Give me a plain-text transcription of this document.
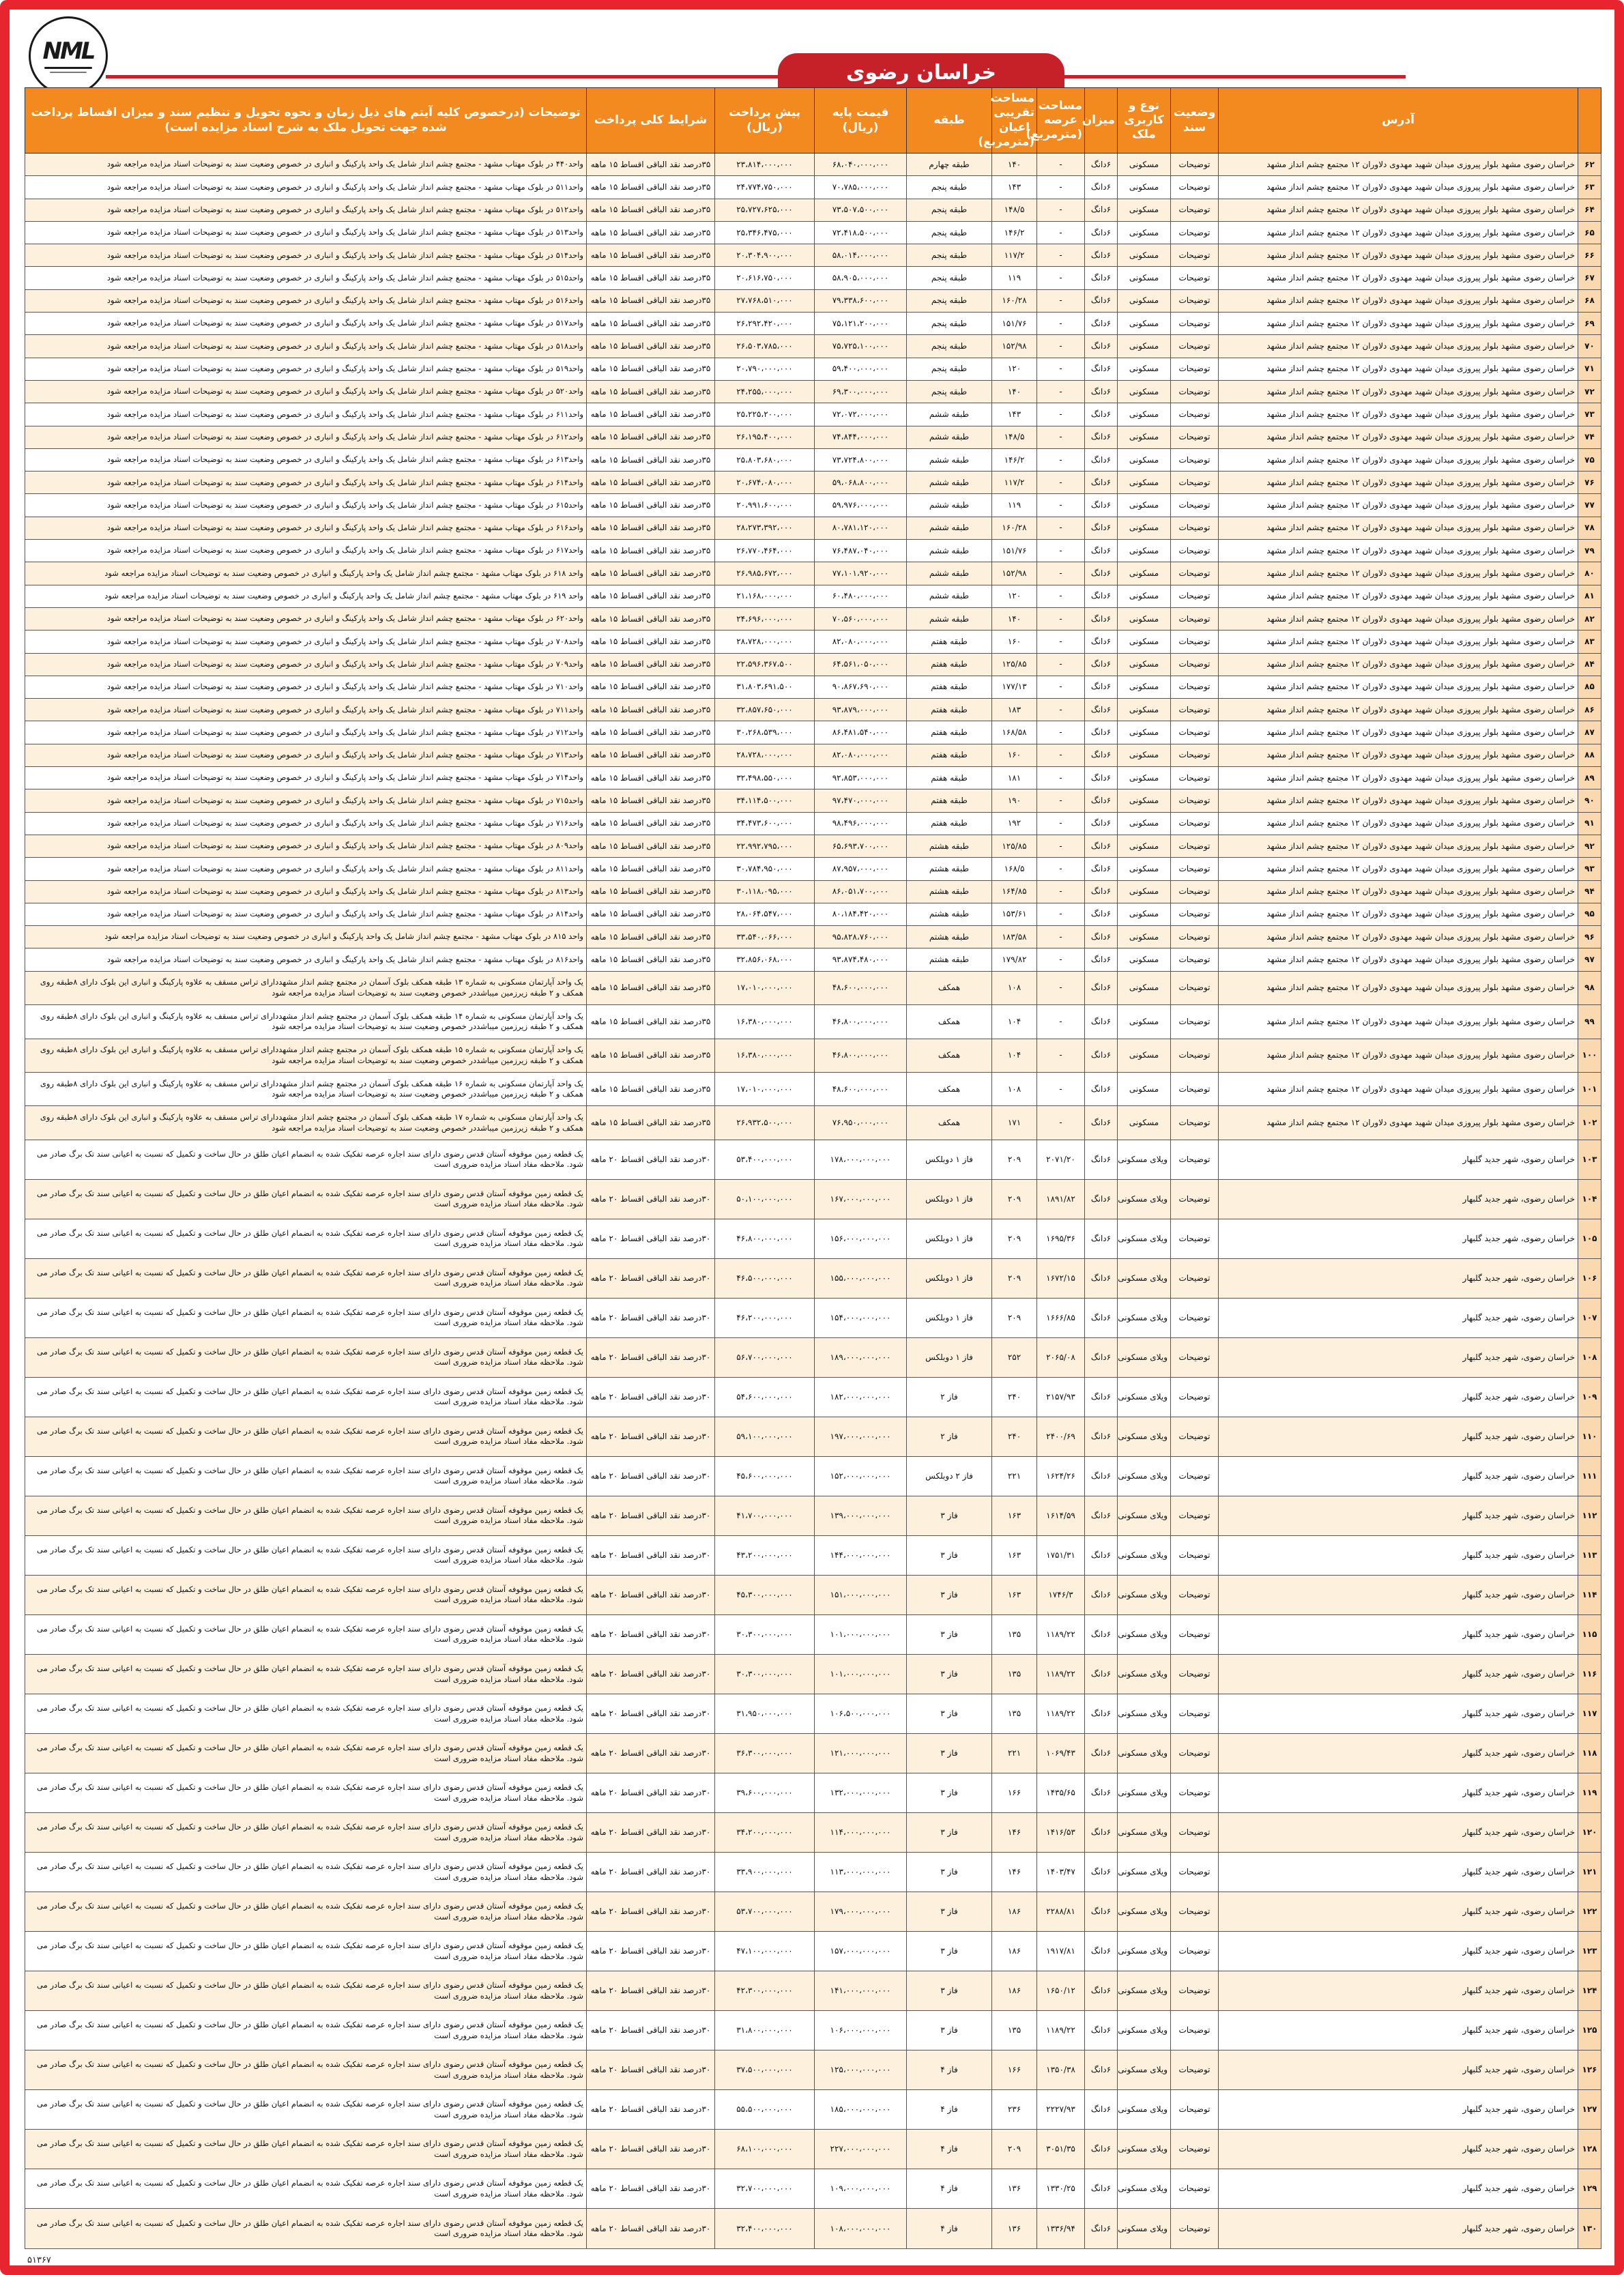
NML
خراسان رضوی
	آدرس	وضعیت سند	نوع و کاربری ملک	میزان	مساحت عرصه (مترمربع)	مساحت تقریبی اعیان (مترمربع)	طبقه	قیمت پایه (ریال)	پیش پرداخت (ریال)	شرایط کلی پرداخت	توضیحات (درخصوص کلیه آیتم های ذیل زمان و نحوه تحویل و تنظیم سند و میزان اقساط پرداخت شده جهت تحویل ملک به شرح اسناد مزایده است)
۶۲	خراسان رضوی مشهد بلوار پیروزی میدان شهید مهدوی دلاوران ۱۲ مجتمع چشم انداز مشهد	توضیحات	مسکونی	۶دانگ	-	۱۴۰	طبقه چهارم	۶۸،۰۴۰،۰۰۰،۰۰۰	۲۳،۸۱۴،۰۰۰،۰۰۰	۳۵درصد نقد الباقی اقساط ۱۵ ماهه	واحد۴۴۰ در بلوک مهتاب مشهد - مجتمع چشم انداز شامل یک واحد پارکینگ و انباری در خصوص وضعیت سند به توضیحات اسناد مزایده مراجعه شود
۶۳	خراسان رضوی مشهد بلوار پیروزی میدان شهید مهدوی دلاوران ۱۲ مجتمع چشم انداز مشهد	توضیحات	مسکونی	۶دانگ	-	۱۴۳	طبقه پنجم	۷۰،۷۸۵،۰۰۰،۰۰۰	۲۴،۷۷۴،۷۵۰،۰۰۰	۳۵درصد نقد الباقی اقساط ۱۵ ماهه	واحد۵۱۱ در بلوک مهتاب مشهد - مجتمع چشم انداز شامل یک واحد پارکینگ و انباری در خصوص وضعیت سند به توضیحات اسناد مزایده مراجعه شود
۶۴	خراسان رضوی مشهد بلوار پیروزی میدان شهید مهدوی دلاوران ۱۲ مجتمع چشم انداز مشهد	توضیحات	مسکونی	۶دانگ	-	۱۴۸/۵	طبقه پنجم	۷۳،۵۰۷،۵۰۰،۰۰۰	۲۵،۷۲۷،۶۲۵،۰۰۰	۳۵درصد نقد الباقی اقساط ۱۵ ماهه	واحد۵۱۲ در بلوک مهتاب مشهد - مجتمع چشم انداز شامل یک واحد پارکینگ و انباری در خصوص وضعیت سند به توضیحات اسناد مزایده مراجعه شود
۶۵	خراسان رضوی مشهد بلوار پیروزی میدان شهید مهدوی دلاوران ۱۲ مجتمع چشم انداز مشهد	توضیحات	مسکونی	۶دانگ	-	۱۴۶/۲	طبقه پنجم	۷۲،۴۱۸،۵۰۰،۰۰۰	۲۵،۳۴۶،۴۷۵،۰۰۰	۳۵درصد نقد الباقی اقساط ۱۵ ماهه	واحد۵۱۳ در بلوک مهتاب مشهد - مجتمع چشم انداز شامل یک واحد پارکینگ و انباری در خصوص وضعیت سند به توضیحات اسناد مزایده مراجعه شود
۶۶	خراسان رضوی مشهد بلوار پیروزی میدان شهید مهدوی دلاوران ۱۲ مجتمع چشم انداز مشهد	توضیحات	مسکونی	۶دانگ	-	۱۱۷/۲	طبقه پنجم	۵۸،۰۱۴،۰۰۰،۰۰۰	۲۰،۳۰۴،۹۰۰،۰۰۰	۳۵درصد نقد الباقی اقساط ۱۵ ماهه	واحد۵۱۴ در بلوک مهتاب مشهد - مجتمع چشم انداز شامل یک واحد پارکینگ و انباری در خصوص وضعیت سند به توضیحات اسناد مزایده مراجعه شود
۶۷	خراسان رضوی مشهد بلوار پیروزی میدان شهید مهدوی دلاوران ۱۲ مجتمع چشم انداز مشهد	توضیحات	مسکونی	۶دانگ	-	۱۱۹	طبقه پنجم	۵۸،۹۰۵،۰۰۰،۰۰۰	۲۰،۶۱۶،۷۵۰،۰۰۰	۳۵درصد نقد الباقی اقساط ۱۵ ماهه	واحد۵۱۵ در بلوک مهتاب مشهد - مجتمع چشم انداز شامل یک واحد پارکینگ و انباری در خصوص وضعیت سند به توضیحات اسناد مزایده مراجعه شود
۶۸	خراسان رضوی مشهد بلوار پیروزی میدان شهید مهدوی دلاوران ۱۲ مجتمع چشم انداز مشهد	توضیحات	مسکونی	۶دانگ	-	۱۶۰/۲۸	طبقه پنجم	۷۹،۳۳۸،۶۰۰،۰۰۰	۲۷،۷۶۸،۵۱۰،۰۰۰	۳۵درصد نقد الباقی اقساط ۱۵ ماهه	واحد۵۱۶ در بلوک مهتاب مشهد - مجتمع چشم انداز شامل یک واحد پارکینگ و انباری در خصوص وضعیت سند به توضیحات اسناد مزایده مراجعه شود
۶۹	خراسان رضوی مشهد بلوار پیروزی میدان شهید مهدوی دلاوران ۱۲ مجتمع چشم انداز مشهد	توضیحات	مسکونی	۶دانگ	-	۱۵۱/۷۶	طبقه پنجم	۷۵،۱۲۱،۲۰۰،۰۰۰	۲۶،۲۹۲،۴۲۰،۰۰۰	۳۵درصد نقد الباقی اقساط ۱۵ ماهه	واحد۵۱۷ در بلوک مهتاب مشهد - مجتمع چشم انداز شامل یک واحد پارکینگ و انباری در خصوص وضعیت سند به توضیحات اسناد مزایده مراجعه شود
۷۰	خراسان رضوی مشهد بلوار پیروزی میدان شهید مهدوی دلاوران ۱۲ مجتمع چشم انداز مشهد	توضیحات	مسکونی	۶دانگ	-	۱۵۲/۹۸	طبقه پنجم	۷۵،۷۲۵،۱۰۰،۰۰۰	۲۶،۵۰۳،۷۸۵،۰۰۰	۳۵درصد نقد الباقی اقساط ۱۵ ماهه	واحد۵۱۸ در بلوک مهتاب مشهد - مجتمع چشم انداز شامل یک واحد پارکینگ و انباری در خصوص وضعیت سند به توضیحات اسناد مزایده مراجعه شود
۷۱	خراسان رضوی مشهد بلوار پیروزی میدان شهید مهدوی دلاوران ۱۲ مجتمع چشم انداز مشهد	توضیحات	مسکونی	۶دانگ	-	۱۲۰	طبقه پنجم	۵۹،۴۰۰،۰۰۰،۰۰۰	۲۰،۷۹۰،۰۰۰،۰۰۰	۳۵درصد نقد الباقی اقساط ۱۵ ماهه	واحد۵۱۹ در بلوک مهتاب مشهد - مجتمع چشم انداز شامل یک واحد پارکینگ و انباری در خصوص وضعیت سند به توضیحات اسناد مزایده مراجعه شود
۷۲	خراسان رضوی مشهد بلوار پیروزی میدان شهید مهدوی دلاوران ۱۲ مجتمع چشم انداز مشهد	توضیحات	مسکونی	۶دانگ	-	۱۴۰	طبقه پنجم	۶۹،۳۰۰،۰۰۰،۰۰۰	۲۴،۲۵۵،۰۰۰،۰۰۰	۳۵درصد نقد الباقی اقساط ۱۵ ماهه	واحد۵۲۰ در بلوک مهتاب مشهد - مجتمع چشم انداز شامل یک واحد پارکینگ و انباری در خصوص وضعیت سند به توضیحات اسناد مزایده مراجعه شود
۷۳	خراسان رضوی مشهد بلوار پیروزی میدان شهید مهدوی دلاوران ۱۲ مجتمع چشم انداز مشهد	توضیحات	مسکونی	۶دانگ	-	۱۴۳	طبقه ششم	۷۲،۰۷۲،۰۰۰،۰۰۰	۲۵،۲۲۵،۲۰۰،۰۰۰	۳۵درصد نقد الباقی اقساط ۱۵ ماهه	واحد۶۱۱ در بلوک مهتاب مشهد - مجتمع چشم انداز شامل یک واحد پارکینگ و انباری در خصوص وضعیت سند به توضیحات اسناد مزایده مراجعه شود
۷۴	خراسان رضوی مشهد بلوار پیروزی میدان شهید مهدوی دلاوران ۱۲ مجتمع چشم انداز مشهد	توضیحات	مسکونی	۶دانگ	-	۱۴۸/۵	طبقه ششم	۷۴،۸۴۴،۰۰۰،۰۰۰	۲۶،۱۹۵،۴۰۰،۰۰۰	۳۵درصد نقد الباقی اقساط ۱۵ ماهه	واحد۶۱۲ در بلوک مهتاب مشهد - مجتمع چشم انداز شامل یک واحد پارکینگ و انباری در خصوص وضعیت سند به توضیحات اسناد مزایده مراجعه شود
۷۵	خراسان رضوی مشهد بلوار پیروزی میدان شهید مهدوی دلاوران ۱۲ مجتمع چشم انداز مشهد	توضیحات	مسکونی	۶دانگ	-	۱۴۶/۲	طبقه ششم	۷۳،۷۲۴،۸۰۰،۰۰۰	۲۵،۸۰۳،۶۸۰،۰۰۰	۳۵درصد نقد الباقی اقساط ۱۵ ماهه	واحد۶۱۳ در بلوک مهتاب مشهد - مجتمع چشم انداز شامل یک واحد پارکینگ و انباری در خصوص وضعیت سند به توضیحات اسناد مزایده مراجعه شود
۷۶	خراسان رضوی مشهد بلوار پیروزی میدان شهید مهدوی دلاوران ۱۲ مجتمع چشم انداز مشهد	توضیحات	مسکونی	۶دانگ	-	۱۱۷/۲	طبقه ششم	۵۹،۰۶۸،۸۰۰،۰۰۰	۲۰،۶۷۴،۰۸۰،۰۰۰	۳۵درصد نقد الباقی اقساط ۱۵ ماهه	واحد۶۱۴ در بلوک مهتاب مشهد - مجتمع چشم انداز شامل یک واحد پارکینگ و انباری در خصوص وضعیت سند به توضیحات اسناد مزایده مراجعه شود
۷۷	خراسان رضوی مشهد بلوار پیروزی میدان شهید مهدوی دلاوران ۱۲ مجتمع چشم انداز مشهد	توضیحات	مسکونی	۶دانگ	-	۱۱۹	طبقه ششم	۵۹،۹۷۶،۰۰۰،۰۰۰	۲۰،۹۹۱،۶۰۰،۰۰۰	۳۵درصد نقد الباقی اقساط ۱۵ ماهه	واحد۶۱۵ در بلوک مهتاب مشهد - مجتمع چشم انداز شامل یک واحد پارکینگ و انباری در خصوص وضعیت سند به توضیحات اسناد مزایده مراجعه شود
۷۸	خراسان رضوی مشهد بلوار پیروزی میدان شهید مهدوی دلاوران ۱۲ مجتمع چشم انداز مشهد	توضیحات	مسکونی	۶دانگ	-	۱۶۰/۲۸	طبقه ششم	۸۰،۷۸۱،۱۲۰،۰۰۰	۲۸،۲۷۳،۳۹۲،۰۰۰	۳۵درصد نقد الباقی اقساط ۱۵ ماهه	واحد۶۱۶ در بلوک مهتاب مشهد - مجتمع چشم انداز شامل یک واحد پارکینگ و انباری در خصوص وضعیت سند به توضیحات اسناد مزایده مراجعه شود
۷۹	خراسان رضوی مشهد بلوار پیروزی میدان شهید مهدوی دلاوران ۱۲ مجتمع چشم انداز مشهد	توضیحات	مسکونی	۶دانگ	-	۱۵۱/۷۶	طبقه ششم	۷۶،۴۸۷،۰۴۰،۰۰۰	۲۶،۷۷۰،۴۶۴،۰۰۰	۳۵درصد نقد الباقی اقساط ۱۵ ماهه	واحد۶۱۷ در بلوک مهتاب مشهد - مجتمع چشم انداز شامل یک واحد پارکینگ و انباری در خصوص وضعیت سند به توضیحات اسناد مزایده مراجعه شود
۸۰	خراسان رضوی مشهد بلوار پیروزی میدان شهید مهدوی دلاوران ۱۲ مجتمع چشم انداز مشهد	توضیحات	مسکونی	۶دانگ	-	۱۵۲/۹۸	طبقه ششم	۷۷،۱۰۱،۹۲۰،۰۰۰	۲۶،۹۸۵،۶۷۲،۰۰۰	۳۵درصد نقد الباقی اقساط ۱۵ ماهه	واحد ۶۱۸ در بلوک مهتاب مشهد - مجتمع چشم انداز شامل یک واحد پارکینگ و انباری در خصوص وضعیت سند به توضیحات اسناد مزایده مراجعه شود
۸۱	خراسان رضوی مشهد بلوار پیروزی میدان شهید مهدوی دلاوران ۱۲ مجتمع چشم انداز مشهد	توضیحات	مسکونی	۶دانگ	-	۱۲۰	طبقه ششم	۶۰،۴۸۰،۰۰۰،۰۰۰	۲۱،۱۶۸،۰۰۰،۰۰۰	۳۵درصد نقد الباقی اقساط ۱۵ ماهه	واحد ۶۱۹ در بلوک مهتاب مشهد - مجتمع چشم انداز شامل یک واحد پارکینگ و انباری در خصوص وضعیت سند به توضیحات اسناد مزایده مراجعه شود
۸۲	خراسان رضوی مشهد بلوار پیروزی میدان شهید مهدوی دلاوران ۱۲ مجتمع چشم انداز مشهد	توضیحات	مسکونی	۶دانگ	-	۱۴۰	طبقه ششم	۷۰،۵۶۰،۰۰۰،۰۰۰	۲۴،۶۹۶،۰۰۰،۰۰۰	۳۵درصد نقد الباقی اقساط ۱۵ ماهه	واحد۶۲۰ در بلوک مهتاب مشهد - مجتمع چشم انداز شامل یک واحد پارکینگ و انباری در خصوص وضعیت سند به توضیحات اسناد مزایده مراجعه شود
۸۳	خراسان رضوی مشهد بلوار پیروزی میدان شهید مهدوی دلاوران ۱۲ مجتمع چشم انداز مشهد	توضیحات	مسکونی	۶دانگ	-	۱۶۰	طبقه هفتم	۸۲،۰۸۰،۰۰۰،۰۰۰	۲۸،۷۲۸،۰۰۰،۰۰۰	۳۵درصد نقد الباقی اقساط ۱۵ ماهه	واحد۷۰۸ در بلوک مهتاب مشهد - مجتمع چشم انداز شامل یک واحد پارکینگ و انباری در خصوص وضعیت سند به توضیحات اسناد مزایده مراجعه شود
۸۴	خراسان رضوی مشهد بلوار پیروزی میدان شهید مهدوی دلاوران ۱۲ مجتمع چشم انداز مشهد	توضیحات	مسکونی	۶دانگ	-	۱۲۵/۸۵	طبقه هفتم	۶۴،۵۶۱،۰۵۰،۰۰۰	۲۲،۵۹۶،۳۶۷،۵۰۰	۳۵درصد نقد الباقی اقساط ۱۵ ماهه	واحد۷۰۹ در بلوک مهتاب مشهد - مجتمع چشم انداز شامل یک واحد پارکینگ و انباری در خصوص وضعیت سند به توضیحات اسناد مزایده مراجعه شود
۸۵	خراسان رضوی مشهد بلوار پیروزی میدان شهید مهدوی دلاوران ۱۲ مجتمع چشم انداز مشهد	توضیحات	مسکونی	۶دانگ	-	۱۷۷/۱۳	طبقه هفتم	۹۰،۸۶۷،۶۹۰،۰۰۰	۳۱،۸۰۳،۶۹۱،۵۰۰	۳۵درصد نقد الباقی اقساط ۱۵ ماهه	واحد۷۱۰ در بلوک مهتاب مشهد - مجتمع چشم انداز شامل یک واحد پارکینگ و انباری در خصوص وضعیت سند به توضیحات اسناد مزایده مراجعه شود
۸۶	خراسان رضوی مشهد بلوار پیروزی میدان شهید مهدوی دلاوران ۱۲ مجتمع چشم انداز مشهد	توضیحات	مسکونی	۶دانگ	-	۱۸۳	طبقه هفتم	۹۳،۸۷۹،۰۰۰،۰۰۰	۳۲،۸۵۷،۶۵۰،۰۰۰	۳۵درصد نقد الباقی اقساط ۱۵ ماهه	واحد۷۱۱ در بلوک مهتاب مشهد - مجتمع چشم انداز شامل یک واحد پارکینگ و انباری در خصوص وضعیت سند به توضیحات اسناد مزایده مراجعه شود
۸۷	خراسان رضوی مشهد بلوار پیروزی میدان شهید مهدوی دلاوران ۱۲ مجتمع چشم انداز مشهد	توضیحات	مسکونی	۶دانگ	-	۱۶۸/۵۸	طبقه هفتم	۸۶،۴۸۱،۵۴۰،۰۰۰	۳۰،۲۶۸،۵۳۹،۰۰۰	۳۵درصد نقد الباقی اقساط ۱۵ ماهه	واحد۷۱۲ در بلوک مهتاب مشهد - مجتمع چشم انداز شامل یک واحد پارکینگ و انباری در خصوص وضعیت سند به توضیحات اسناد مزایده مراجعه شود
۸۸	خراسان رضوی مشهد بلوار پیروزی میدان شهید مهدوی دلاوران ۱۲ مجتمع چشم انداز مشهد	توضیحات	مسکونی	۶دانگ	-	۱۶۰	طبقه هفتم	۸۲،۰۸۰،۰۰۰،۰۰۰	۲۸،۷۲۸،۰۰۰،۰۰۰	۳۵درصد نقد الباقی اقساط ۱۵ ماهه	واحد۷۱۳ در بلوک مهتاب مشهد - مجتمع چشم انداز شامل یک واحد پارکینگ و انباری در خصوص وضعیت سند به توضیحات اسناد مزایده مراجعه شود
۸۹	خراسان رضوی مشهد بلوار پیروزی میدان شهید مهدوی دلاوران ۱۲ مجتمع چشم انداز مشهد	توضیحات	مسکونی	۶دانگ	-	۱۸۱	طبقه هفتم	۹۲،۸۵۳،۰۰۰،۰۰۰	۳۲،۴۹۸،۵۵۰،۰۰۰	۳۵درصد نقد الباقی اقساط ۱۵ ماهه	واحد۷۱۴ در بلوک مهتاب مشهد - مجتمع چشم انداز شامل یک واحد پارکینگ و انباری در خصوص وضعیت سند به توضیحات اسناد مزایده مراجعه شود
۹۰	خراسان رضوی مشهد بلوار پیروزی میدان شهید مهدوی دلاوران ۱۲ مجتمع چشم انداز مشهد	توضیحات	مسکونی	۶دانگ	-	۱۹۰	طبقه هفتم	۹۷،۴۷۰،۰۰۰،۰۰۰	۳۴،۱۱۴،۵۰۰،۰۰۰	۳۵درصد نقد الباقی اقساط ۱۵ ماهه	واحد۷۱۵ در بلوک مهتاب مشهد - مجتمع چشم انداز شامل یک واحد پارکینگ و انباری در خصوص وضعیت سند به توضیحات اسناد مزایده مراجعه شود
۹۱	خراسان رضوی مشهد بلوار پیروزی میدان شهید مهدوی دلاوران ۱۲ مجتمع چشم انداز مشهد	توضیحات	مسکونی	۶دانگ	-	۱۹۲	طبقه هفتم	۹۸،۴۹۶،۰۰۰،۰۰۰	۳۴،۴۷۳،۶۰۰،۰۰۰	۳۵درصد نقد الباقی اقساط ۱۵ ماهه	واحد۷۱۶ در بلوک مهتاب مشهد - مجتمع چشم انداز شامل یک واحد پارکینگ و انباری در خصوص وضعیت سند به توضیحات اسناد مزایده مراجعه شود
۹۲	خراسان رضوی مشهد بلوار پیروزی میدان شهید مهدوی دلاوران ۱۲ مجتمع چشم انداز مشهد	توضیحات	مسکونی	۶دانگ	-	۱۲۵/۸۵	طبقه هشتم	۶۵،۶۹۳،۷۰۰،۰۰۰	۲۲،۹۹۲،۷۹۵،۰۰۰	۳۵درصد نقد الباقی اقساط ۱۵ ماهه	واحد۸۰۹ در بلوک مهتاب مشهد - مجتمع چشم انداز شامل یک واحد پارکینگ و انباری در خصوص وضعیت سند به توضیحات اسناد مزایده مراجعه شود
۹۳	خراسان رضوی مشهد بلوار پیروزی میدان شهید مهدوی دلاوران ۱۲ مجتمع چشم انداز مشهد	توضیحات	مسکونی	۶دانگ	-	۱۶۸/۵	طبقه هشتم	۸۷،۹۵۷،۰۰۰،۰۰۰	۳۰،۷۸۴،۹۵۰،۰۰۰	۳۵درصد نقد الباقی اقساط ۱۵ ماهه	واحد۸۱۱ در بلوک مهتاب مشهد - مجتمع چشم انداز شامل یک واحد پارکینگ و انباری در خصوص وضعیت سند به توضیحات اسناد مزایده مراجعه شود
۹۴	خراسان رضوی مشهد بلوار پیروزی میدان شهید مهدوی دلاوران ۱۲ مجتمع چشم انداز مشهد	توضیحات	مسکونی	۶دانگ	-	۱۶۴/۸۵	طبقه هشتم	۸۶،۰۵۱،۷۰۰،۰۰۰	۳۰،۱۱۸،۰۹۵،۰۰۰	۳۵درصد نقد الباقی اقساط ۱۵ ماهه	واحد۸۱۳ در بلوک مهتاب مشهد - مجتمع چشم انداز شامل یک واحد پارکینگ و انباری در خصوص وضعیت سند به توضیحات اسناد مزایده مراجعه شود
۹۵	خراسان رضوی مشهد بلوار پیروزی میدان شهید مهدوی دلاوران ۱۲ مجتمع چشم انداز مشهد	توضیحات	مسکونی	۶دانگ	-	۱۵۳/۶۱	طبقه هشتم	۸۰،۱۸۴،۴۲۰،۰۰۰	۲۸،۰۶۴،۵۴۷،۰۰۰	۳۵درصد نقد الباقی اقساط ۱۵ ماهه	واحد۸۱۴ در بلوک مهتاب مشهد - مجتمع چشم انداز شامل یک واحد پارکینگ و انباری در خصوص وضعیت سند به توضیحات اسناد مزایده مراجعه شود
۹۶	خراسان رضوی مشهد بلوار پیروزی میدان شهید مهدوی دلاوران ۱۲ مجتمع چشم انداز مشهد	توضیحات	مسکونی	۶دانگ	-	۱۸۳/۵۸	طبقه هشتم	۹۵،۸۲۸،۷۶۰،۰۰۰	۳۳،۵۴۰،۰۶۶،۰۰۰	۳۵درصد نقد الباقی اقساط ۱۵ ماهه	واحد ۸۱۵ در بلوک مهتاب مشهد - مجتمع چشم انداز شامل یک واحد پارکینگ و انباری در خصوص وضعیت سند به توضیحات اسناد مزایده مراجعه شود
۹۷	خراسان رضوی مشهد بلوار پیروزی میدان شهید مهدوی دلاوران ۱۲ مجتمع چشم انداز مشهد	توضیحات	مسکونی	۶دانگ	-	۱۷۹/۸۲	طبقه هشتم	۹۳،۸۷۴،۴۸۰،۰۰۰	۳۲،۸۵۶،۰۶۸،۰۰۰	۳۵درصد نقد الباقی اقساط ۱۵ ماهه	واحد۸۱۶ در بلوک مهتاب مشهد - مجتمع چشم انداز شامل یک واحد پارکینگ و انباری در خصوص وضعیت سند به توضیحات اسناد مزایده مراجعه شود
۹۸	خراسان رضوی مشهد بلوار پیروزی میدان شهید مهدوی دلاوران ۱۲ مجتمع چشم انداز مشهد	توضیحات	مسکونی	۶دانگ	-	۱۰۸	همکف	۴۸،۶۰۰،۰۰۰،۰۰۰	۱۷،۰۱۰،۰۰۰،۰۰۰	۳۵درصد نقد الباقی اقساط ۱۵ ماهه	یک واحد آپارتمان مسکونی به شماره ۱۳ طبقه همکف بلوک آسمان در مجتمع چشم انداز مشهددارای تراس مسقف به علاوه پارکینگ و انباری این بلوک دارای ۸طبقه روی همکف و ۲ طبقه زیرزمین میباشددر خصوص وضعیت سند به توضیحات اسناد مزایده مراجعه شود
۹۹	خراسان رضوی مشهد بلوار پیروزی میدان شهید مهدوی دلاوران ۱۲ مجتمع چشم انداز مشهد	توضیحات	مسکونی	۶دانگ	-	۱۰۴	همکف	۴۶،۸۰۰،۰۰۰،۰۰۰	۱۶،۳۸۰،۰۰۰،۰۰۰	۳۵درصد نقد الباقی اقساط ۱۵ ماهه	یک واحد آپارتمان مسکونی به شماره ۱۴ طبقه همکف بلوک آسمان در مجتمع چشم انداز مشهددارای تراس مسقف به علاوه پارکینگ و انباری این بلوک دارای ۸طبقه روی همکف و ۲ طبقه زیرزمین میباشددر خصوص وضعیت سند به توضیحات اسناد مزایده مراجعه شود
۱۰۰	خراسان رضوی مشهد بلوار پیروزی میدان شهید مهدوی دلاوران ۱۲ مجتمع چشم انداز مشهد	توضیحات	مسکونی	۶دانگ	-	۱۰۴	همکف	۴۶،۸۰۰،۰۰۰،۰۰۰	۱۶،۳۸۰،۰۰۰،۰۰۰	۳۵درصد نقد الباقی اقساط ۱۵ ماهه	یک واحد آپارتمان مسکونی به شماره ۱۵ طبقه همکف بلوک آسمان در مجتمع چشم انداز مشهددارای تراس مسقف به علاوه پارکینگ و انباری این بلوک دارای ۸طبقه روی همکف و ۲ طبقه زیرزمین میباشددر خصوص وضعیت سند به توضیحات اسناد مزایده مراجعه شود
۱۰۱	خراسان رضوی مشهد بلوار پیروزی میدان شهید مهدوی دلاوران ۱۲ مجتمع چشم انداز مشهد	توضیحات	مسکونی	۶دانگ	-	۱۰۸	همکف	۴۸،۶۰۰،۰۰۰،۰۰۰	۱۷،۰۱۰،۰۰۰،۰۰۰	۳۵درصد نقد الباقی اقساط ۱۵ ماهه	یک واحد آپارتمان مسکونی به شماره ۱۶ طبقه همکف بلوک آسمان در مجتمع چشم انداز مشهددارای تراس مسقف به علاوه پارکینگ و انباری این بلوک دارای ۸طبقه روی همکف و ۲ طبقه زیرزمین میباشددر خصوص وضعیت سند به توضیحات اسناد مزایده مراجعه شود
۱۰۲	خراسان رضوی مشهد بلوار پیروزی میدان شهید مهدوی دلاوران ۱۲ مجتمع چشم انداز مشهد	توضیحات	مسکونی	۶دانگ	-	۱۷۱	همکف	۷۶،۹۵۰،۰۰۰،۰۰۰	۲۶،۹۳۲،۵۰۰،۰۰۰	۳۵درصد نقد الباقی اقساط ۱۵ ماهه	یک واحد آپارتمان مسکونی به شماره ۱۷ طبقه همکف بلوک آسمان در مجتمع چشم انداز مشهددارای تراس مسقف به علاوه پارکینگ و انباری این بلوک دارای ۸طبقه روی همکف و ۲ طبقه زیرزمین میباشددر خصوص وضعیت سند به توضیحات اسناد مزایده مراجعه شود
۱۰۳	خراسان رضوی، شهر جدید گلبهار	توضیحات	ویلای مسکونی	۶دانگ	۲۰۷۱/۲۰	۲۰۹	فاز ۱ دوبلکس	۱۷۸،۰۰۰،۰۰۰،۰۰۰	۵۳،۴۰۰،۰۰۰،۰۰۰	۳۰درصد نقد الباقی اقساط ۲۰ ماهه	یک قطعه زمین موقوفه آستان قدس رضوی دارای سند اجاره عرصه تفکیک شده به انضمام اعیان طلق در حال ساخت و تکمیل که نسبت به اعیانی سند تک برگ صادر می شود. ملاحظه مفاد اسناد مزایده ضروری است
۱۰۴	خراسان رضوی، شهر جدید گلبهار	توضیحات	ویلای مسکونی	۶دانگ	۱۸۹۱/۸۲	۲۰۹	فاز ۱ دوبلکس	۱۶۷،۰۰۰،۰۰۰،۰۰۰	۵۰،۱۰۰،۰۰۰،۰۰۰	۳۰درصد نقد الباقی اقساط ۲۰ ماهه	یک قطعه زمین موقوفه آستان قدس رضوی دارای سند اجاره عرصه تفکیک شده به انضمام اعیان طلق در حال ساخت و تکمیل که نسبت به اعیانی سند تک برگ صادر می شود. ملاحظه مفاد اسناد مزایده ضروری است
۱۰۵	خراسان رضوی، شهر جدید گلبهار	توضیحات	ویلای مسکونی	۶دانگ	۱۶۹۵/۳۶	۲۰۹	فاز ۱ دوبلکس	۱۵۶،۰۰۰،۰۰۰،۰۰۰	۴۶،۸۰۰،۰۰۰،۰۰۰	۳۰درصد نقد الباقی اقساط ۲۰ ماهه	یک قطعه زمین موقوفه آستان قدس رضوی دارای سند اجاره عرصه تفکیک شده به انضمام اعیان طلق در حال ساخت و تکمیل که نسبت به اعیانی سند تک برگ صادر می شود. ملاحظه مفاد اسناد مزایده ضروری است
۱۰۶	خراسان رضوی، شهر جدید گلبهار	توضیحات	ویلای مسکونی	۶دانگ	۱۶۷۲/۱۵	۲۰۹	فاز ۱ دوبلکس	۱۵۵،۰۰۰،۰۰۰،۰۰۰	۴۶،۵۰۰،۰۰۰،۰۰۰	۳۰درصد نقد الباقی اقساط ۲۰ ماهه	یک قطعه زمین موقوفه آستان قدس رضوی دارای سند اجاره عرصه تفکیک شده به انضمام اعیان طلق در حال ساخت و تکمیل که نسبت به اعیانی سند تک برگ صادر می شود. ملاحظه مفاد اسناد مزایده ضروری است
۱۰۷	خراسان رضوی، شهر جدید گلبهار	توضیحات	ویلای مسکونی	۶دانگ	۱۶۶۶/۸۵	۲۰۹	فاز ۱ دوبلکس	۱۵۴،۰۰۰،۰۰۰،۰۰۰	۴۶،۲۰۰،۰۰۰،۰۰۰	۳۰درصد نقد الباقی اقساط ۲۰ ماهه	یک قطعه زمین موقوفه آستان قدس رضوی دارای سند اجاره عرصه تفکیک شده به انضمام اعیان طلق در حال ساخت و تکمیل که نسبت به اعیانی سند تک برگ صادر می شود. ملاحظه مفاد اسناد مزایده ضروری است
۱۰۸	خراسان رضوی، شهر جدید گلبهار	توضیحات	ویلای مسکونی	۶دانگ	۲۰۶۵/۰۸	۲۵۲	فاز ۱ دوبلکس	۱۸۹،۰۰۰،۰۰۰،۰۰۰	۵۶،۷۰۰،۰۰۰،۰۰۰	۳۰درصد نقد الباقی اقساط ۲۰ ماهه	یک قطعه زمین موقوفه آستان قدس رضوی دارای سند اجاره عرصه تفکیک شده به انضمام اعیان طلق در حال ساخت و تکمیل که نسبت به اعیانی سند تک برگ صادر می شود. ملاحظه مفاد اسناد مزایده ضروری است
۱۰۹	خراسان رضوی، شهر جدید گلبهار	توضیحات	ویلای مسکونی	۶دانگ	۲۱۵۷/۹۳	۲۴۰	فاز ۲	۱۸۲،۰۰۰،۰۰۰،۰۰۰	۵۴،۶۰۰،۰۰۰،۰۰۰	۳۰درصد نقد الباقی اقساط ۲۰ ماهه	یک قطعه زمین موقوفه آستان قدس رضوی دارای سند اجاره عرصه تفکیک شده به انضمام اعیان طلق در حال ساخت و تکمیل که نسبت به اعیانی سند تک برگ صادر می شود. ملاحظه مفاد اسناد مزایده ضروری است
۱۱۰	خراسان رضوی، شهر جدید گلبهار	توضیحات	ویلای مسکونی	۶دانگ	۲۴۰۰/۶۹	۲۴۰	فاز ۲	۱۹۷،۰۰۰،۰۰۰،۰۰۰	۵۹،۱۰۰،۰۰۰،۰۰۰	۳۰درصد نقد الباقی اقساط ۲۰ ماهه	یک قطعه زمین موقوفه آستان قدس رضوی دارای سند اجاره عرصه تفکیک شده به انضمام اعیان طلق در حال ساخت و تکمیل که نسبت به اعیانی سند تک برگ صادر می شود. ملاحظه مفاد اسناد مزایده ضروری است
۱۱۱	خراسان رضوی، شهر جدید گلبهار	توضیحات	ویلای مسکونی	۶دانگ	۱۶۲۴/۲۶	۲۲۱	فاز ۲ دوبلکس	۱۵۲،۰۰۰،۰۰۰،۰۰۰	۴۵،۶۰۰،۰۰۰،۰۰۰	۳۰درصد نقد الباقی اقساط ۲۰ ماهه	یک قطعه زمین موقوفه آستان قدس رضوی دارای سند اجاره عرصه تفکیک شده به انضمام اعیان طلق در حال ساخت و تکمیل که نسبت به اعیانی سند تک برگ صادر می شود. ملاحظه مفاد اسناد مزایده ضروری است
۱۱۲	خراسان رضوی، شهر جدید گلبهار	توضیحات	ویلای مسکونی	۶دانگ	۱۶۱۴/۵۹	۱۶۳	فاز ۳	۱۳۹،۰۰۰،۰۰۰،۰۰۰	۴۱،۷۰۰،۰۰۰،۰۰۰	۳۰درصد نقد الباقی اقساط ۲۰ ماهه	یک قطعه زمین موقوفه آستان قدس رضوی دارای سند اجاره عرصه تفکیک شده به انضمام اعیان طلق در حال ساخت و تکمیل که نسبت به اعیانی سند تک برگ صادر می شود. ملاحظه مفاد اسناد مزایده ضروری است
۱۱۳	خراسان رضوی، شهر جدید گلبهار	توضیحات	ویلای مسکونی	۶دانگ	۱۷۵۱/۳۱	۱۶۳	فاز ۳	۱۴۴،۰۰۰،۰۰۰،۰۰۰	۴۳،۲۰۰،۰۰۰،۰۰۰	۳۰درصد نقد الباقی اقساط ۲۰ ماهه	یک قطعه زمین موقوفه آستان قدس رضوی دارای سند اجاره عرصه تفکیک شده به انضمام اعیان طلق در حال ساخت و تکمیل که نسبت به اعیانی سند تک برگ صادر می شود. ملاحظه مفاد اسناد مزایده ضروری است
۱۱۴	خراسان رضوی، شهر جدید گلبهار	توضیحات	ویلای مسکونی	۶دانگ	۱۷۴۶/۳	۱۶۳	فاز ۳	۱۵۱،۰۰۰،۰۰۰،۰۰۰	۴۵،۳۰۰،۰۰۰،۰۰۰	۳۰درصد نقد الباقی اقساط ۲۰ ماهه	یک قطعه زمین موقوفه آستان قدس رضوی دارای سند اجاره عرصه تفکیک شده به انضمام اعیان طلق در حال ساخت و تکمیل که نسبت به اعیانی سند تک برگ صادر می شود. ملاحظه مفاد اسناد مزایده ضروری است
۱۱۵	خراسان رضوی، شهر جدید گلبهار	توضیحات	ویلای مسکونی	۶دانگ	۱۱۸۹/۲۲	۱۳۵	فاز ۳	۱۰۱،۰۰۰،۰۰۰،۰۰۰	۳۰،۳۰۰،۰۰۰،۰۰۰	۳۰درصد نقد الباقی اقساط ۲۰ ماهه	یک قطعه زمین موقوفه آستان قدس رضوی دارای سند اجاره عرصه تفکیک شده به انضمام اعیان طلق در حال ساخت و تکمیل که نسبت به اعیانی سند تک برگ صادر می شود. ملاحظه مفاد اسناد مزایده ضروری است
۱۱۶	خراسان رضوی، شهر جدید گلبهار	توضیحات	ویلای مسکونی	۶دانگ	۱۱۸۹/۲۲	۱۳۵	فاز ۳	۱۰۱،۰۰۰،۰۰۰،۰۰۰	۳۰،۳۰۰،۰۰۰،۰۰۰	۳۰درصد نقد الباقی اقساط ۲۰ ماهه	یک قطعه زمین موقوفه آستان قدس رضوی دارای سند اجاره عرصه تفکیک شده به انضمام اعیان طلق در حال ساخت و تکمیل که نسبت به اعیانی سند تک برگ صادر می شود. ملاحظه مفاد اسناد مزایده ضروری است
۱۱۷	خراسان رضوی، شهر جدید گلبهار	توضیحات	ویلای مسکونی	۶دانگ	۱۱۸۹/۲۲	۱۳۵	فاز ۳	۱۰۶،۵۰۰،۰۰۰،۰۰۰	۳۱،۹۵۰،۰۰۰،۰۰۰	۳۰درصد نقد الباقی اقساط ۲۰ ماهه	یک قطعه زمین موقوفه آستان قدس رضوی دارای سند اجاره عرصه تفکیک شده به انضمام اعیان طلق در حال ساخت و تکمیل که نسبت به اعیانی سند تک برگ صادر می شود. ملاحظه مفاد اسناد مزایده ضروری است
۱۱۸	خراسان رضوی، شهر جدید گلبهار	توضیحات	ویلای مسکونی	۶دانگ	۱۰۶۹/۴۳	۲۲۱	فاز ۳	۱۲۱،۰۰۰،۰۰۰،۰۰۰	۳۶،۳۰۰،۰۰۰،۰۰۰	۳۰درصد نقد الباقی اقساط ۲۰ ماهه	یک قطعه زمین موقوفه آستان قدس رضوی دارای سند اجاره عرصه تفکیک شده به انضمام اعیان طلق در حال ساخت و تکمیل که نسبت به اعیانی سند تک برگ صادر می شود. ملاحظه مفاد اسناد مزایده ضروری است
۱۱۹	خراسان رضوی، شهر جدید گلبهار	توضیحات	ویلای مسکونی	۶دانگ	۱۴۳۵/۶۵	۱۶۶	فاز ۳	۱۳۲،۰۰۰،۰۰۰،۰۰۰	۳۹،۶۰۰،۰۰۰،۰۰۰	۳۰درصد نقد الباقی اقساط ۲۰ ماهه	یک قطعه زمین موقوفه آستان قدس رضوی دارای سند اجاره عرصه تفکیک شده به انضمام اعیان طلق در حال ساخت و تکمیل که نسبت به اعیانی سند تک برگ صادر می شود. ملاحظه مفاد اسناد مزایده ضروری است
۱۲۰	خراسان رضوی، شهر جدید گلبهار	توضیحات	ویلای مسکونی	۶دانگ	۱۴۱۶/۵۳	۱۴۶	فاز ۳	۱۱۴،۰۰۰،۰۰۰،۰۰۰	۳۴،۲۰۰،۰۰۰،۰۰۰	۳۰درصد نقد الباقی اقساط ۲۰ ماهه	یک قطعه زمین موقوفه آستان قدس رضوی دارای سند اجاره عرصه تفکیک شده به انضمام اعیان طلق در حال ساخت و تکمیل که نسبت به اعیانی سند تک برگ صادر می شود. ملاحظه مفاد اسناد مزایده ضروری است
۱۲۱	خراسان رضوی، شهر جدید گلبهار	توضیحات	ویلای مسکونی	۶دانگ	۱۴۰۳/۴۷	۱۴۶	فاز ۳	۱۱۳،۰۰۰،۰۰۰،۰۰۰	۳۳،۹۰۰،۰۰۰،۰۰۰	۳۰درصد نقد الباقی اقساط ۲۰ ماهه	یک قطعه زمین موقوفه آستان قدس رضوی دارای سند اجاره عرصه تفکیک شده به انضمام اعیان طلق در حال ساخت و تکمیل که نسبت به اعیانی سند تک برگ صادر می شود. ملاحظه مفاد اسناد مزایده ضروری است
۱۲۲	خراسان رضوی، شهر جدید گلبهار	توضیحات	ویلای مسکونی	۶دانگ	۲۲۸۸/۸۱	۱۸۶	فاز ۳	۱۷۹،۰۰۰،۰۰۰،۰۰۰	۵۳،۷۰۰،۰۰۰،۰۰۰	۳۰درصد نقد الباقی اقساط ۲۰ ماهه	یک قطعه زمین موقوفه آستان قدس رضوی دارای سند اجاره عرصه تفکیک شده به انضمام اعیان طلق در حال ساخت و تکمیل که نسبت به اعیانی سند تک برگ صادر می شود. ملاحظه مفاد اسناد مزایده ضروری است
۱۲۳	خراسان رضوی، شهر جدید گلبهار	توضیحات	ویلای مسکونی	۶دانگ	۱۹۱۷/۸۱	۱۸۶	فاز ۳	۱۵۷،۰۰۰،۰۰۰،۰۰۰	۴۷،۱۰۰،۰۰۰،۰۰۰	۳۰درصد نقد الباقی اقساط ۲۰ ماهه	یک قطعه زمین موقوفه آستان قدس رضوی دارای سند اجاره عرصه تفکیک شده به انضمام اعیان طلق در حال ساخت و تکمیل که نسبت به اعیانی سند تک برگ صادر می شود. ملاحظه مفاد اسناد مزایده ضروری است
۱۲۴	خراسان رضوی، شهر جدید گلبهار	توضیحات	ویلای مسکونی	۶دانگ	۱۶۵۰/۱۲	۱۸۶	فاز ۳	۱۴۱،۰۰۰،۰۰۰،۰۰۰	۴۲،۳۰۰،۰۰۰،۰۰۰	۳۰درصد نقد الباقی اقساط ۲۰ ماهه	یک قطعه زمین موقوفه آستان قدس رضوی دارای سند اجاره عرصه تفکیک شده به انضمام اعیان طلق در حال ساخت و تکمیل که نسبت به اعیانی سند تک برگ صادر می شود. ملاحظه مفاد اسناد مزایده ضروری است
۱۲۵	خراسان رضوی، شهر جدید گلبهار	توضیحات	ویلای مسکونی	۶دانگ	۱۱۸۹/۲۲	۱۳۵	فاز ۳	۱۰۶،۰۰۰،۰۰۰،۰۰۰	۳۱،۸۰۰،۰۰۰،۰۰۰	۳۰درصد نقد الباقی اقساط ۲۰ ماهه	یک قطعه زمین موقوفه آستان قدس رضوی دارای سند اجاره عرصه تفکیک شده به انضمام اعیان طلق در حال ساخت و تکمیل که نسبت به اعیانی سند تک برگ صادر می شود. ملاحظه مفاد اسناد مزایده ضروری است
۱۲۶	خراسان رضوی، شهر جدید گلبهار	توضیحات	ویلای مسکونی	۶دانگ	۱۳۵۰/۳۸	۱۶۶	فاز ۴	۱۲۵،۰۰۰،۰۰۰،۰۰۰	۳۷،۵۰۰،۰۰۰،۰۰۰	۳۰درصد نقد الباقی اقساط ۲۰ ماهه	یک قطعه زمین موقوفه آستان قدس رضوی دارای سند اجاره عرصه تفکیک شده به انضمام اعیان طلق در حال ساخت و تکمیل که نسبت به اعیانی سند تک برگ صادر می شود. ملاحظه مفاد اسناد مزایده ضروری است
۱۲۷	خراسان رضوی، شهر جدید گلبهار	توضیحات	ویلای مسکونی	۶دانگ	۲۲۲۷/۹۳	۲۳۶	فاز ۴	۱۸۵،۰۰۰،۰۰۰،۰۰۰	۵۵،۵۰۰،۰۰۰،۰۰۰	۳۰درصد نقد الباقی اقساط ۲۰ ماهه	یک قطعه زمین موقوفه آستان قدس رضوی دارای سند اجاره عرصه تفکیک شده به انضمام اعیان طلق در حال ساخت و تکمیل که نسبت به اعیانی سند تک برگ صادر می شود. ملاحظه مفاد اسناد مزایده ضروری است
۱۲۸	خراسان رضوی، شهر جدید گلبهار	توضیحات	ویلای مسکونی	۶دانگ	۳۰۵۱/۳۵	۲۰۹	فاز ۴	۲۲۷،۰۰۰،۰۰۰،۰۰۰	۶۸،۱۰۰،۰۰۰،۰۰۰	۳۰درصد نقد الباقی اقساط ۲۰ ماهه	یک قطعه زمین موقوفه آستان قدس رضوی دارای سند اجاره عرصه تفکیک شده به انضمام اعیان طلق در حال ساخت و تکمیل که نسبت به اعیانی سند تک برگ صادر می شود. ملاحظه مفاد اسناد مزایده ضروری است
۱۲۹	خراسان رضوی، شهر جدید گلبهار	توضیحات	ویلای مسکونی	۶دانگ	۱۳۳۰/۲۵	۱۳۶	فاز ۴	۱۰۹،۰۰۰،۰۰۰،۰۰۰	۳۲،۷۰۰،۰۰۰،۰۰۰	۳۰درصد نقد الباقی اقساط ۲۰ ماهه	یک قطعه زمین موقوفه آستان قدس رضوی دارای سند اجاره عرصه تفکیک شده به انضمام اعیان طلق در حال ساخت و تکمیل که نسبت به اعیانی سند تک برگ صادر می شود. ملاحظه مفاد اسناد مزایده ضروری است
۱۳۰	خراسان رضوی، شهر جدید گلبهار	توضیحات	ویلای مسکونی	۶دانگ	۱۳۳۶/۹۴	۱۳۶	فاز ۴	۱۰۸،۰۰۰،۰۰۰،۰۰۰	۳۲،۴۰۰،۰۰۰،۰۰۰	۳۰درصد نقد الباقی اقساط ۲۰ ماهه	یک قطعه زمین موقوفه آستان قدس رضوی دارای سند اجاره عرصه تفکیک شده به انضمام اعیان طلق در حال ساخت و تکمیل که نسبت به اعیانی سند تک برگ صادر می شود. ملاحظه مفاد اسناد مزایده ضروری است
۵۱۳۶۷
